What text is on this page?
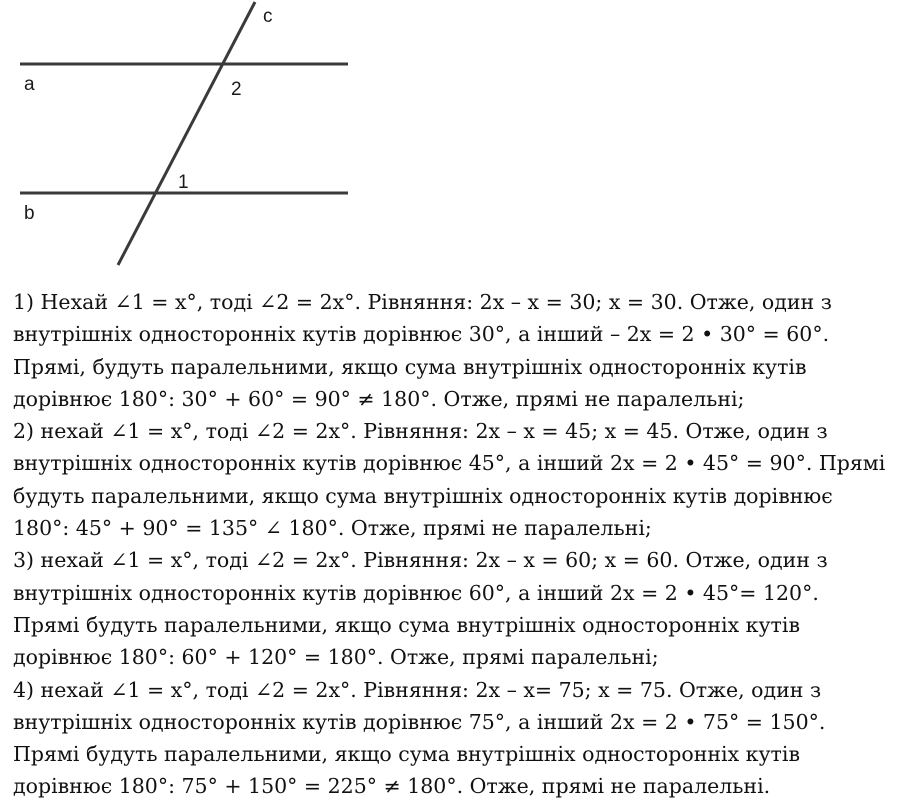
a
b
c
2
1
1) Нехай ∠1 = x°, тоді ∠2 = 2x°. Рівняння: 2x – x = 30; x = 30. Отже, один з
внутрішніх односторонніх кутів дорівнює 30°, а інший – 2x = 2 • 30° = 60°.
Прямі, будуть паралельними, якщо сума внутрішніх односторонніх кутів
дорівнює 180°: 30° + 60° = 90° ≠ 180°. Отже, прямі не паралельні;
2) нехай ∠1 = x°, тоді ∠2 = 2x°. Рівняння: 2x – x = 45; x = 45. Отже, один з
внутрішніх односторонніх кутів дорівнює 45°, а інший 2x = 2 • 45° = 90°. Прямі
будуть паралельними, якщо сума внутрішніх односторонніх кутів дорівнює
180°: 45° + 90° = 135° ∠ 180°. Отже, прямі не паралельні;
3) нехай ∠1 = x°, тоді ∠2 = 2x°. Рівняння: 2x – x = 60; x = 60. Отже, один з
внутрішніх односторонніх кутів дорівнює 60°, а інший 2x = 2 • 45°= 120°.
Прямі будуть паралельними, якщо сума внутрішніх односторонніх кутів
дорівнює 180°: 60° + 120° = 180°. Отже, прямі паралельні;
4) нехай ∠1 = x°, тоді ∠2 = 2x°. Рівняння: 2x – x= 75; x = 75. Отже, один з
внутрішніх односторонніх кутів дорівнює 75°, а інший 2x = 2 • 75° = 150°.
Прямі будуть паралельними, якщо сума внутрішніх односторонніх кутів
дорівнює 180°: 75° + 150° = 225° ≠ 180°. Отже, прямі не паралельні.
